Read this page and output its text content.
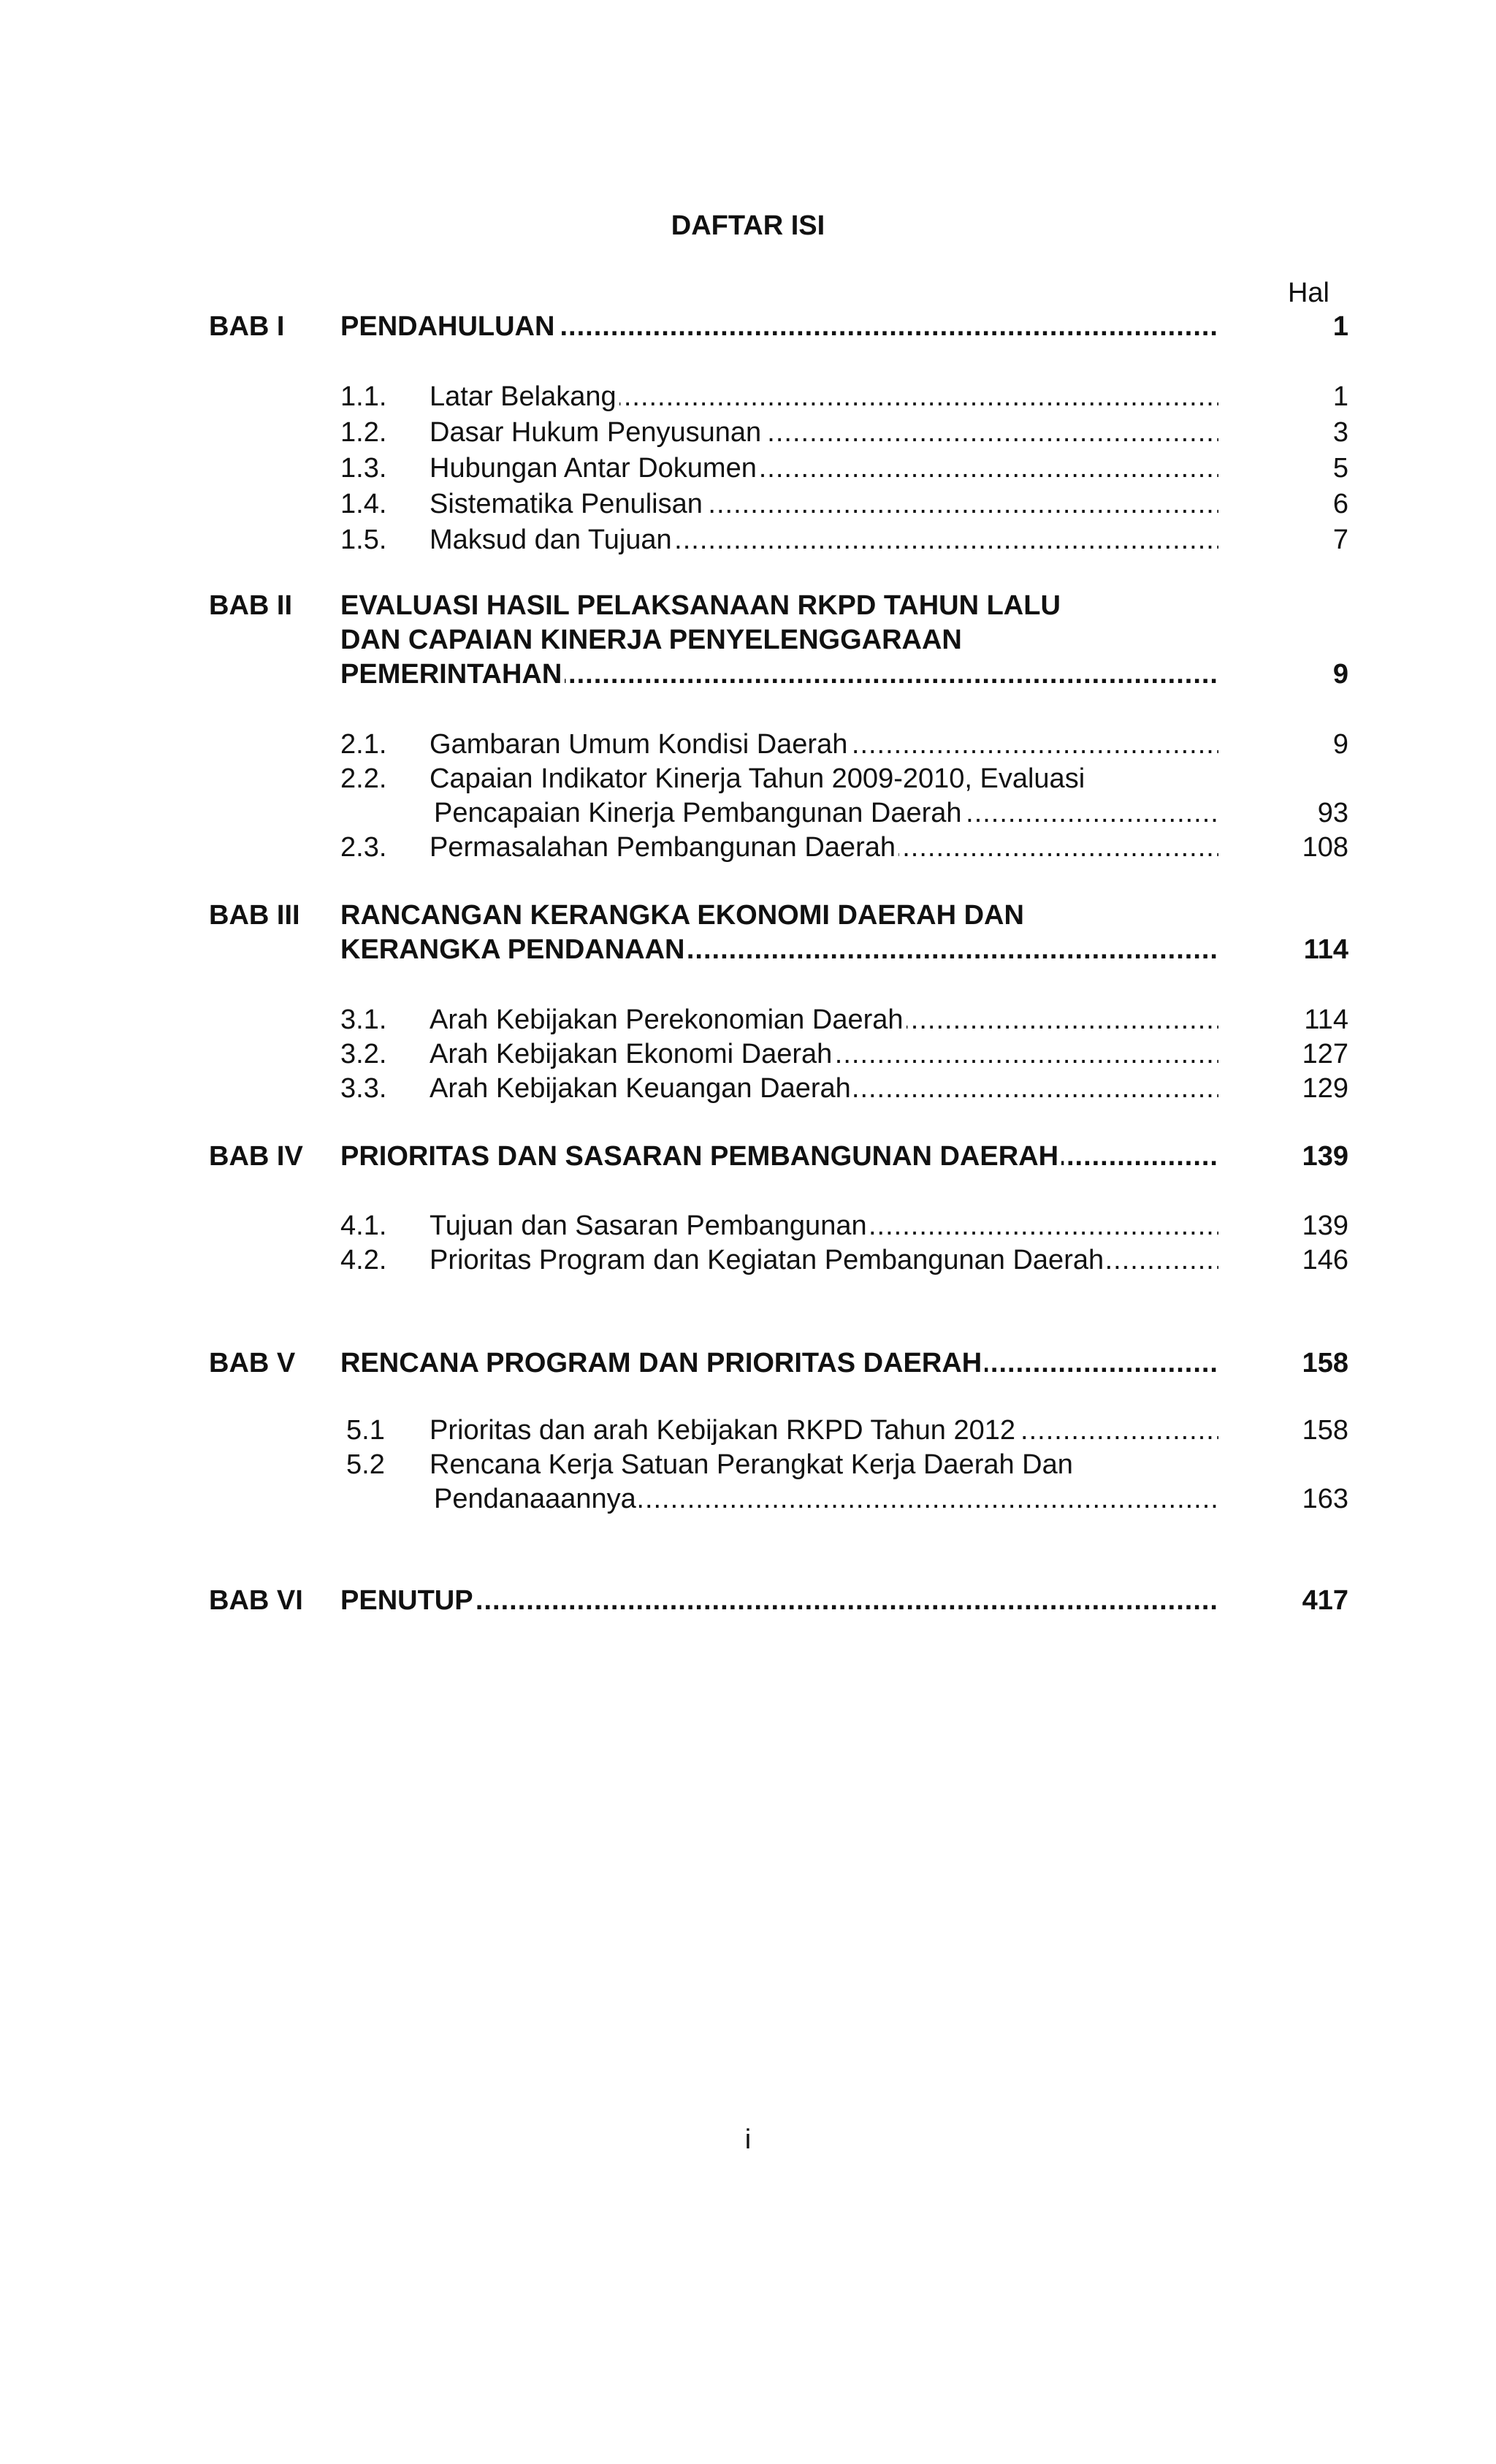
DAFTAR ISI
Hal
BAB I PENDAHULUAN .....	1
1.1. Latar Belakang .....	1
1.2. Dasar Hukum Penyusunan .....	3
1.3. Hubungan Antar Dokumen .....	5
1.4. Sistematika Penulisan .....	6
1.5. Maksud dan Tujuan .....	7
BAB II EVALUASI HASIL PELAKSANAAN RKPD TAHUN LALU
DAN CAPAIAN KINERJA PENYELENGGARAAN
PEMERINTAHAN .....	9
2.1. Gambaran Umum Kondisi Daerah .....	9
2.2. Capaian Indikator Kinerja Tahun 2009-2010, Evaluasi
Pencapaian Kinerja Pembangunan Daerah .....	93
2.3. Permasalahan Pembangunan Daerah .....	108
BAB III RANCANGAN KERANGKA EKONOMI DAERAH DAN
KERANGKA PENDANAAN .....	114
3.1. Arah Kebijakan Perekonomian Daerah .....	114
3.2. Arah Kebijakan Ekonomi Daerah .....	127
3.3. Arah Kebijakan Keuangan Daerah .....	129
BAB IV PRIORITAS DAN SASARAN PEMBANGUNAN DAERAH .....	139
4.1. Tujuan dan Sasaran Pembangunan .....	139
4.2. Prioritas Program dan Kegiatan Pembangunan Daerah .....	146
BAB V RENCANA PROGRAM DAN PRIORITAS DAERAH .....	158
5.1 Prioritas dan arah Kebijakan RKPD Tahun 2012 .....	158
5.2 Rencana Kerja Satuan Perangkat Kerja Daerah Dan
Pendanaaannya .....	163
BAB VI PENUTUP .....	417
i
